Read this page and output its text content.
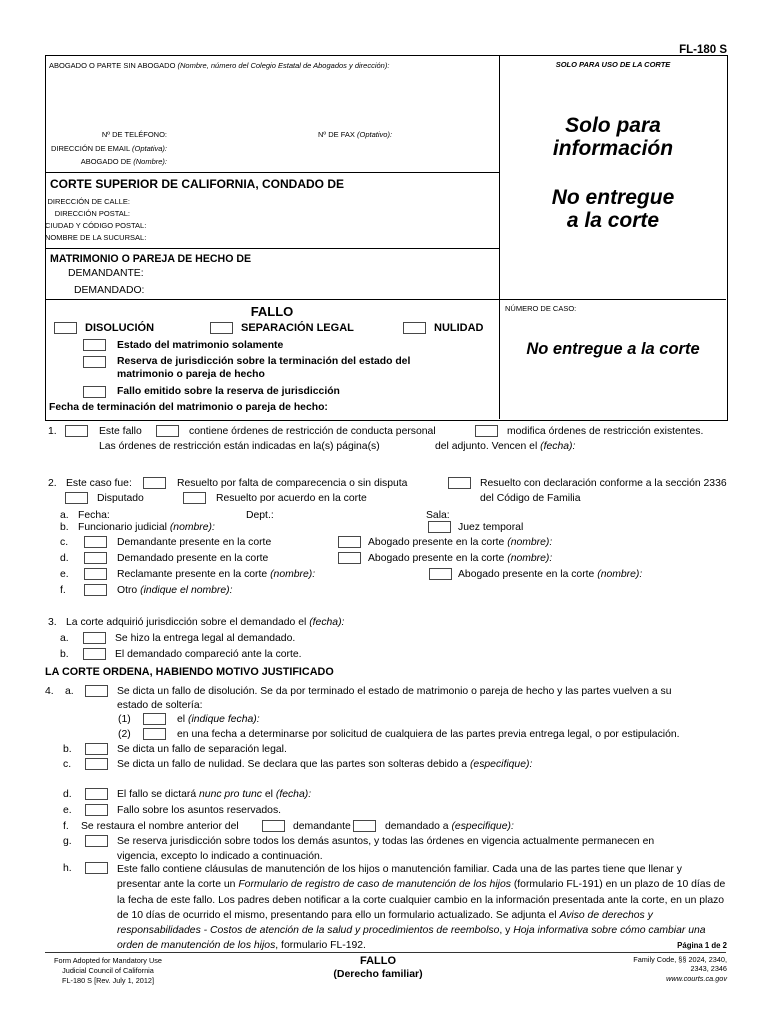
FL-180 S
ABOGADO O PARTE SIN ABOGADO (Nombre, número del Colegio Estatal de Abogados y dirección):
Nº DE TELÉFONO:	Nº DE FAX (Optativo):
DIRECCIÓN DE EMAIL (Optativa):
ABOGADO DE (Nombre):
CORTE SUPERIOR DE CALIFORNIA, CONDADO DE
DIRECCIÓN DE CALLE:
DIRECCIÓN POSTAL:
CIUDAD Y CÓDIGO POSTAL:
NOMBRE DE LA SUCURSAL:
MATRIMONIO O PAREJA DE HECHO DE
DEMANDANTE:
DEMANDADO:
SOLO PARA USO DE LA CORTE
Solo para
información
No entregue
a la corte
NÚMERO DE CASO:
No entregue a la corte
FALLO
DISOLUCIÓN	SEPARACIÓN LEGAL	NULIDAD
Estado del matrimonio solamente
Reserva de jurisdicción sobre la terminación del estado del
matrimonio o pareja de hecho
Fallo emitido sobre la reserva de jurisdicción
Fecha de terminación del matrimonio o pareja de hecho:
1.	Este fallo	contiene órdenes de restricción de conducta personal	modifica órdenes de restricción existentes.
Las órdenes de restricción están indicadas en la(s) página(s)	del adjunto. Vencen el (fecha):
2. Este caso fue:	Resuelto por falta de comparecencia o sin disputa	Resuelto con declaración conforme a la sección 2336
Disputado	Resuelto por acuerdo en la corte	del Código de Familia
a. Fecha:	Dept.:	Sala:
b. Funcionario judicial (nombre):	Juez temporal
c.	Demandante presente en la corte	Abogado presente en la corte (nombre):
d.	Demandado presente en la corte	Abogado presente en la corte (nombre):
e.	Reclamante presente en la corte (nombre):	Abogado presente en la corte (nombre):
f.	Otro (indique el nombre):
3. La corte adquirió jurisdicción sobre el demandado el (fecha):
a.	Se hizo la entrega legal al demandado.
b.	El demandado compareció ante la corte.
LA CORTE ORDENA, HABIENDO MOTIVO JUSTIFICADO
4. a.	Se dicta un fallo de disolución. Se da por terminado el estado de matrimonio o pareja de hecho y las partes vuelven a su
estado de soltería:
(1)	el (indique fecha):
(2)	en una fecha a determinarse por solicitud de cualquiera de las partes previa entrega legal, o por estipulación.
b.	Se dicta un fallo de separación legal.
c.	Se dicta un fallo de nulidad. Se declara que las partes son solteras debido a (especifique):
d.	El fallo se dictará nunc pro tunc el (fecha):
e.	Fallo sobre los asuntos reservados.
f. Se restaura el nombre anterior del	demandante	demandado a (especifique):
g.	Se reserva jurisdicción sobre todos los demás asuntos, y todas las órdenes en vigencia actualmente permanecen en
vigencia, excepto lo indicado a continuación.
h.	Este fallo contiene cláusulas de manutención de los hijos o manutención familiar. Cada una de las partes tiene que llenar y presentar ante la corte un Formulario de registro de caso de manutención de los hijos (formulario FL-191) en un plazo de 10 días de la fecha de este fallo. Los padres deben notificar a la corte cualquier cambio en la información presentada ante la corte, en un plazo de 10 días de ocurrido el mismo, presentando para ello un formulario actualizado. Se adjunta el Aviso de derechos y responsabilidades - Costos de atención de la salud y procedimientos de reembolso, y Hoja informativa sobre cómo cambiar una orden de manutención de los hijos, formulario FL-192.	Página 1 de 2
Form Adopted for Mandatory Use
Judicial Council of California
FL-180 S [Rev. July 1, 2012]
FALLO
(Derecho familiar)
Family Code, §§ 2024, 2340,
2343, 2346
www.courts.ca.gov
